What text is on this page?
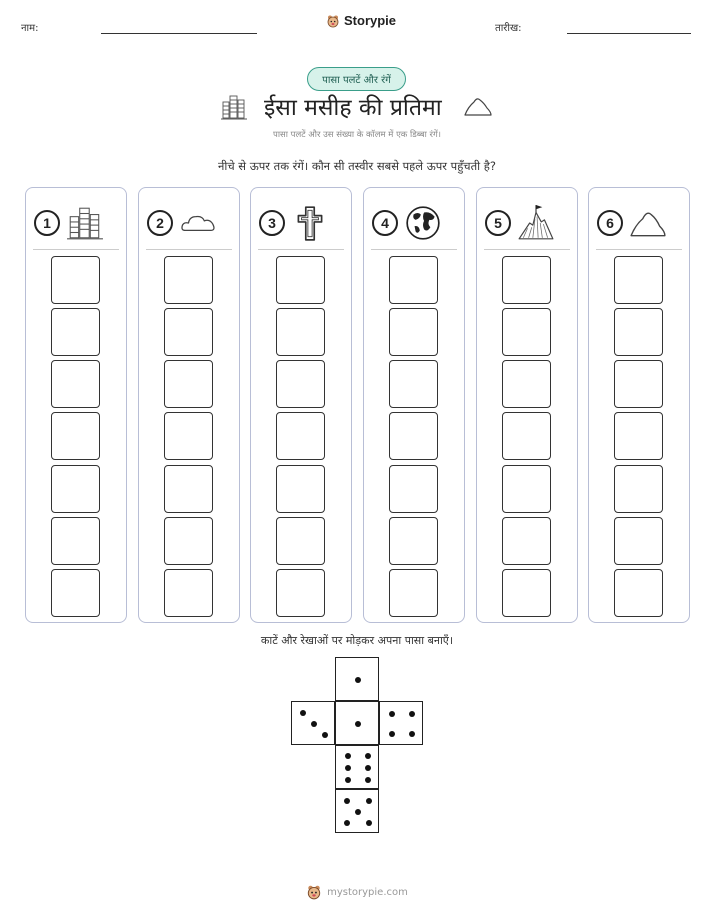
नाम:
Storypie
तारीख:
पासा पलटें और रंगें
ईसा मसीह की प्रतिमा
पासा पलटें और उस संख्या के कॉलम में एक डिब्बा रंगें।
नीचे से ऊपर तक रंगें। कौन सी तस्वीर सबसे पहले ऊपर पहुँचती है?
1	2	3	4	5	6
काटें और रेखाओं पर मोड़कर अपना पासा बनाएँ।
mystorypie.com
